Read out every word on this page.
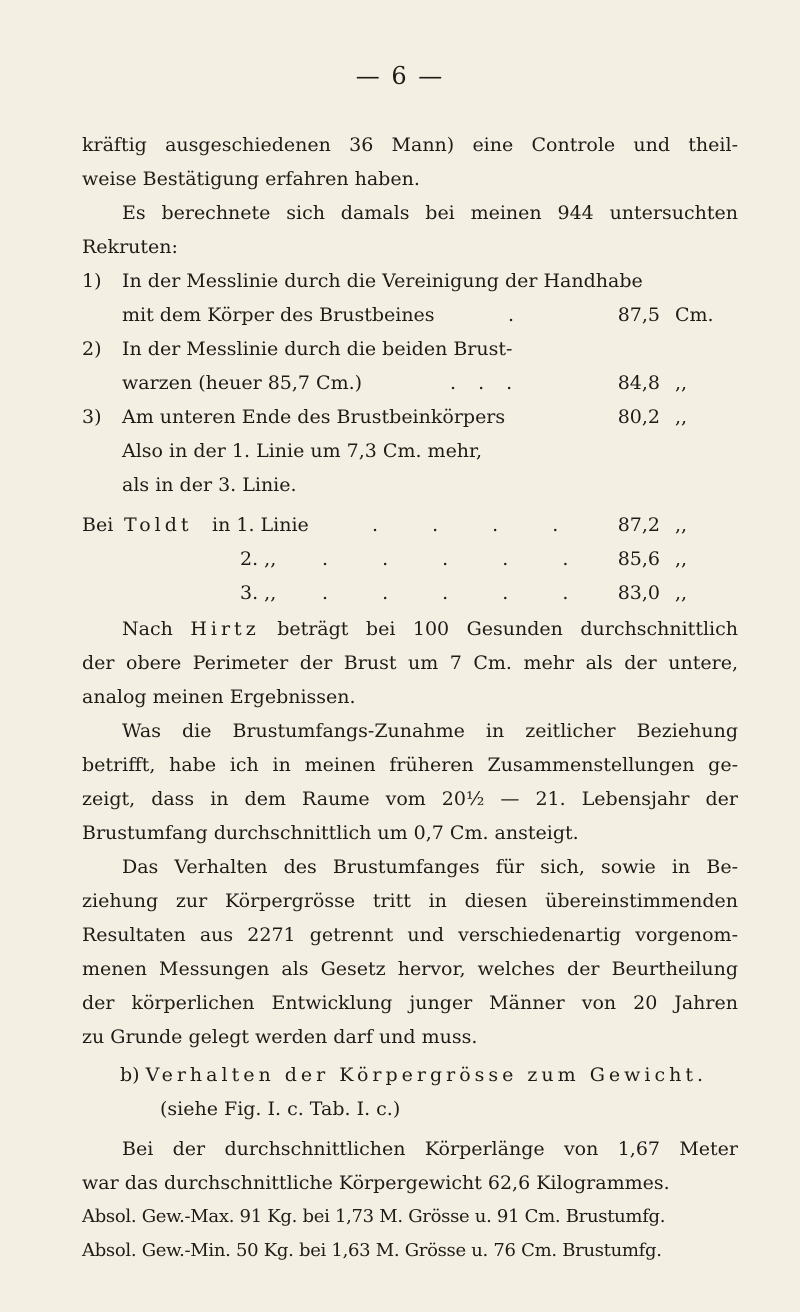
— 6 —
kräftig ausgeschiedenen 36 Mann) eine Controle und theil-
weise Bestätigung erfahren haben.
Es berechnete sich damals bei meinen 944 untersuchten
Rekruten:
1) In der Messlinie durch die Vereinigung der Handhabe
mit dem Körper des Brustbeines	.	87,5 Cm.
2) In der Messlinie durch die beiden Brust-
warzen (heuer 85,7 Cm.)	. . .	84,8 ,,
3) Am unteren Ende des Brustbeinkörpers	80,2 ,,
Also in der 1. Linie um 7,3 Cm. mehr,
als in der 3. Linie.
Bei Toldt in 1. Linie	. . . .	87,2 ,,
2. ,, . . . . .	85,6 ,,
3. ,, . . . . .	83,0 ,,
Nach Hirtz beträgt bei 100 Gesunden durchschnittlich
der obere Perimeter der Brust um 7 Cm. mehr als der untere,
analog meinen Ergebnissen.
Was die Brustumfangs-Zunahme in zeitlicher Beziehung
betrifft, habe ich in meinen früheren Zusammenstellungen ge-
zeigt, dass in dem Raume vom 20½ — 21. Lebensjahr der
Brustumfang durchschnittlich um 0,7 Cm. ansteigt.
Das Verhalten des Brustumfanges für sich, sowie in Be-
ziehung zur Körpergrösse tritt in diesen übereinstimmenden
Resultaten aus 2271 getrennt und verschiedenartig vorgenom-
menen Messungen als Gesetz hervor, welches der Beurtheilung
der körperlichen Entwicklung junger Männer von 20 Jahren
zu Grunde gelegt werden darf und muss.
b) Verhalten der Körpergrösse zum Gewicht.
(siehe Fig. I. c. Tab. I. c.)
Bei der durchschnittlichen Körperlänge von 1,67 Meter
war das durchschnittliche Körpergewicht 62,6 Kilogrammes.
Absol. Gew.-Max. 91 Kg. bei 1,73 M. Grösse u. 91 Cm. Brustumfg.
Absol. Gew.-Min. 50 Kg. bei 1,63 M. Grösse u. 76 Cm. Brustumfg.
